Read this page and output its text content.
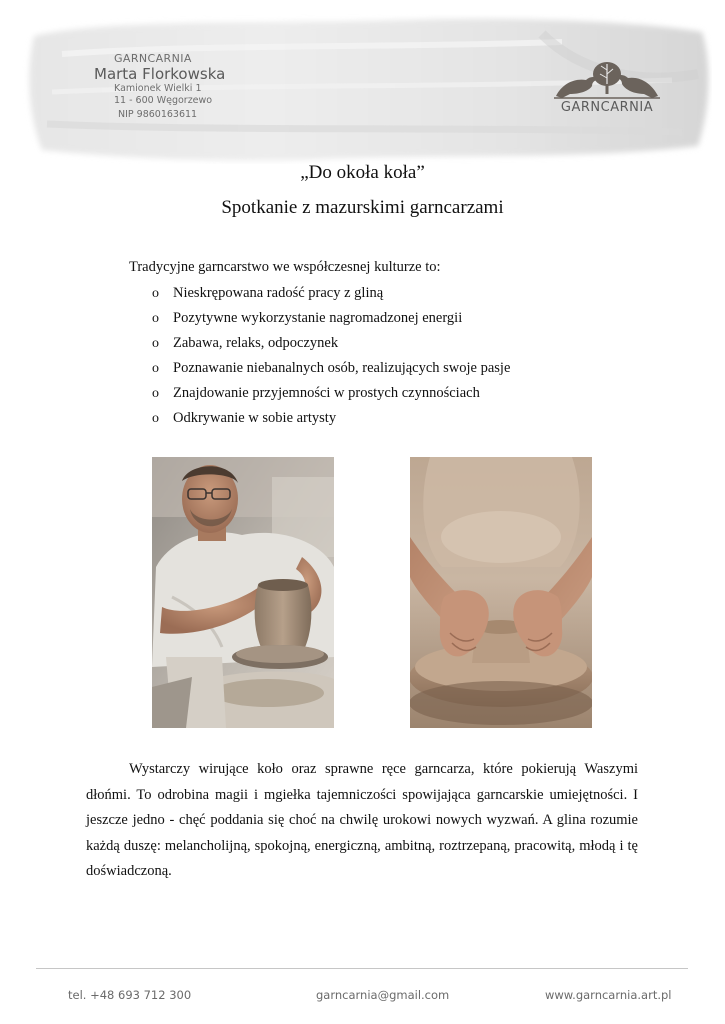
GARNCARNIA
Marta Florkowska
Kamionek Wielki 1
11 - 600 Węgorzewo
NIP 9860163611	GARNCARNIA
„Do okoła koła”
Spotkanie z mazurskimi garncarzami
Tradycyjne garncarstwo we współczesnej kulturze to:
o Nieskrępowana radość pracy z gliną
o Pozytywne wykorzystanie nagromadzonej energii
o Zabawa, relaks, odpoczynek
o Poznawanie niebanalnych osób, realizujących swoje pasje
o Znajdowanie przyjemności w prostych czynnościach
o Odkrywanie w sobie artysty

Wystarczy wirujące koło oraz sprawne ręce garncarza, które pokierują Waszymi dłońmi. To odrobina magii i mgiełka tajemniczości spowijająca garncarskie umiejętności. I jeszcze jedno - chęć poddania się choć na chwilę urokowi nowych wyzwań. A glina rozumie każdą duszę: melancholijną, spokojną, energiczną, ambitną, roztrzepaną, pracowitą, młodą i tę doświadczoną.

tel. +48 693 712 300	garncarnia@gmail.com	www.garncarnia.art.pl
